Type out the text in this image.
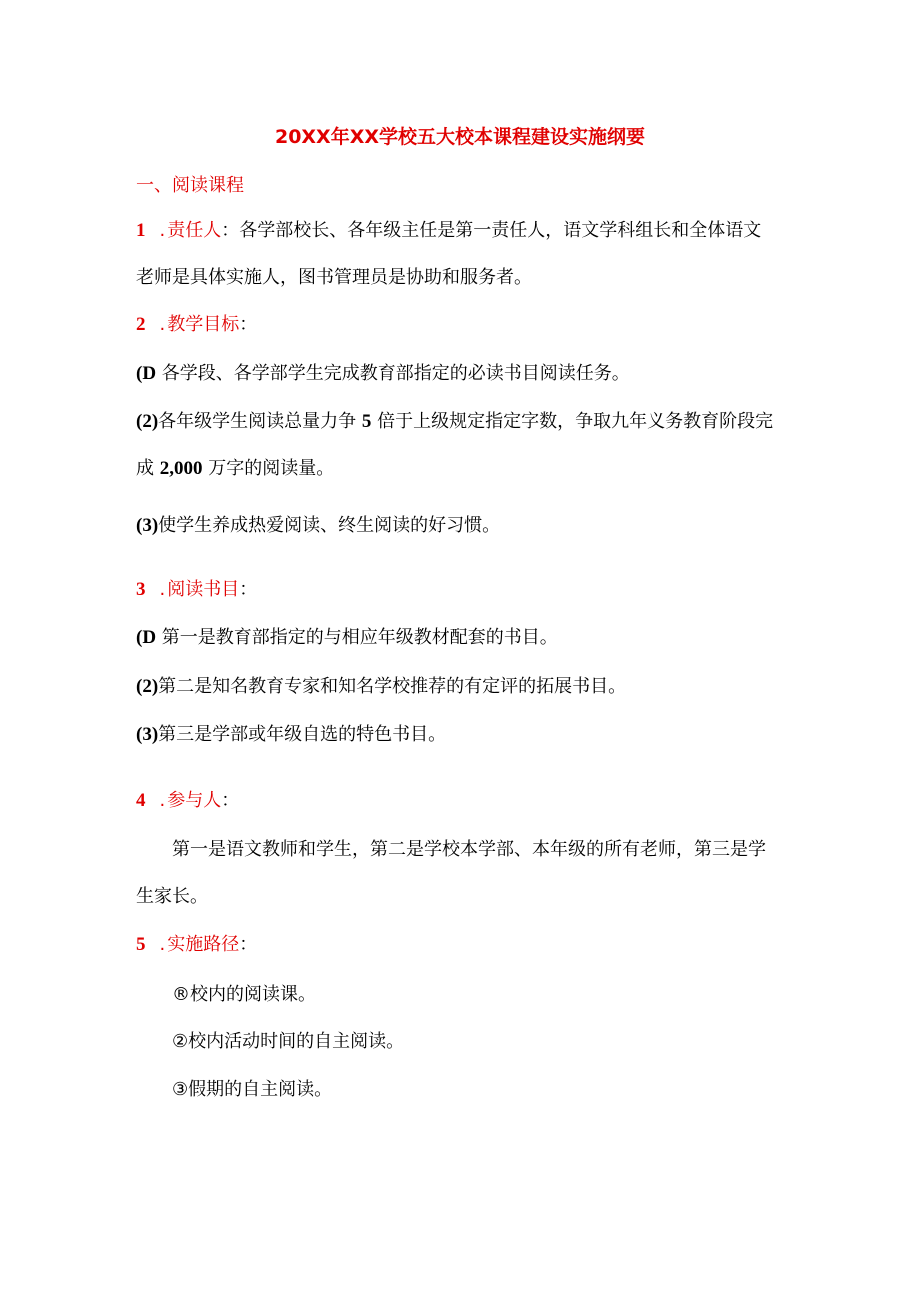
20XX年XX学校五大校本课程建设实施纲要
一、阅读课程
1 . 责任人：各学部校长、各年级主任是第一责任人，语文学科组长和全体语文
老师是具体实施人，图书管理员是协助和服务者。
2 . 教学目标：
(D 各学段、各学部学生完成教育部指定的必读书目阅读任务。
(2)各年级学生阅读总量力争 5 倍于上级规定指定字数，争取九年义务教育阶段完
成 2,000 万字的阅读量。
(3)使学生养成热爱阅读、终生阅读的好习惯。
3 . 阅读书目：
(D 第一是教育部指定的与相应年级教材配套的书目。
(2)第二是知名教育专家和知名学校推荐的有定评的拓展书目。
(3)第三是学部或年级自选的特色书目。
4 . 参与人：
第一是语文教师和学生，第二是学校本学部、本年级的所有老师，第三是学
生家长。
5 . 实施路径：
®校内的阅读课。
②校内活动时间的自主阅读。
③假期的自主阅读。
